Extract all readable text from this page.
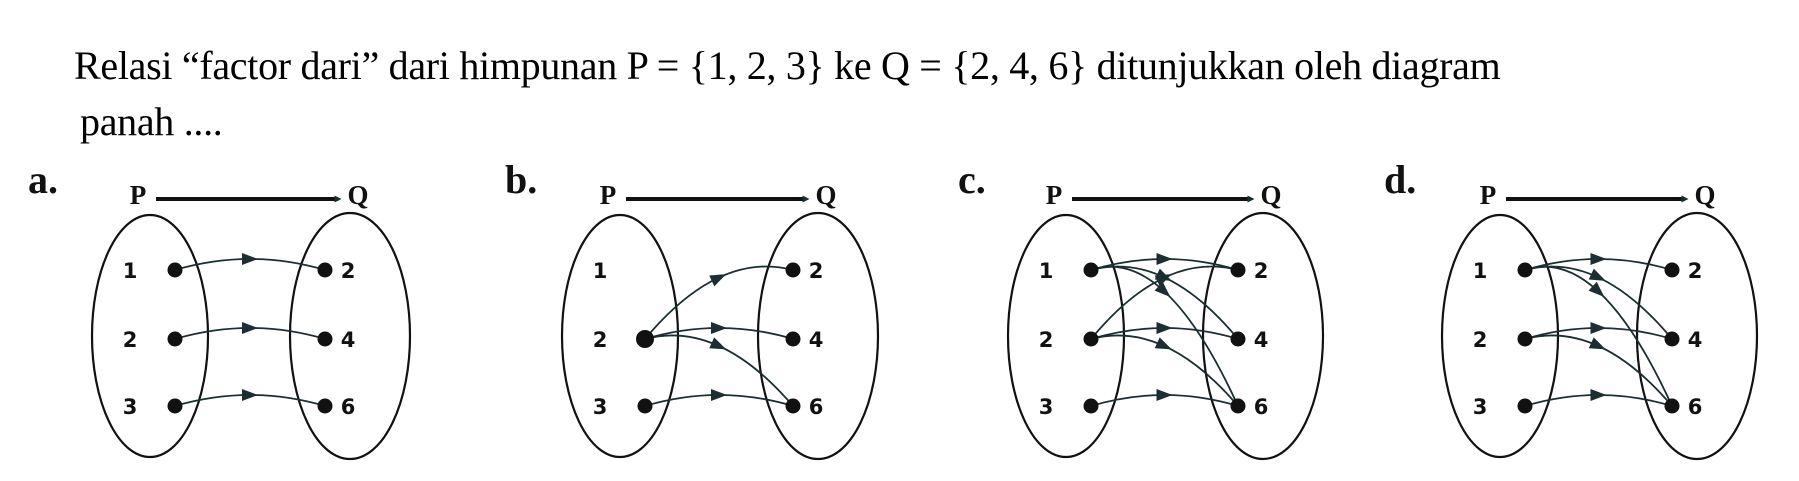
Relasi “factor dari” dari himpunan P = {1, 2, 3} ke Q = {2, 4, 6} ditunjukkan oleh diagram
panah ....
a.	P	Q
1
2
3
2
4
6
b. P	Q
1
2
3
2
4
6
c. P	Q
1
2
3
2
4
6
d. P	Q
1
2
3
2
4
6
